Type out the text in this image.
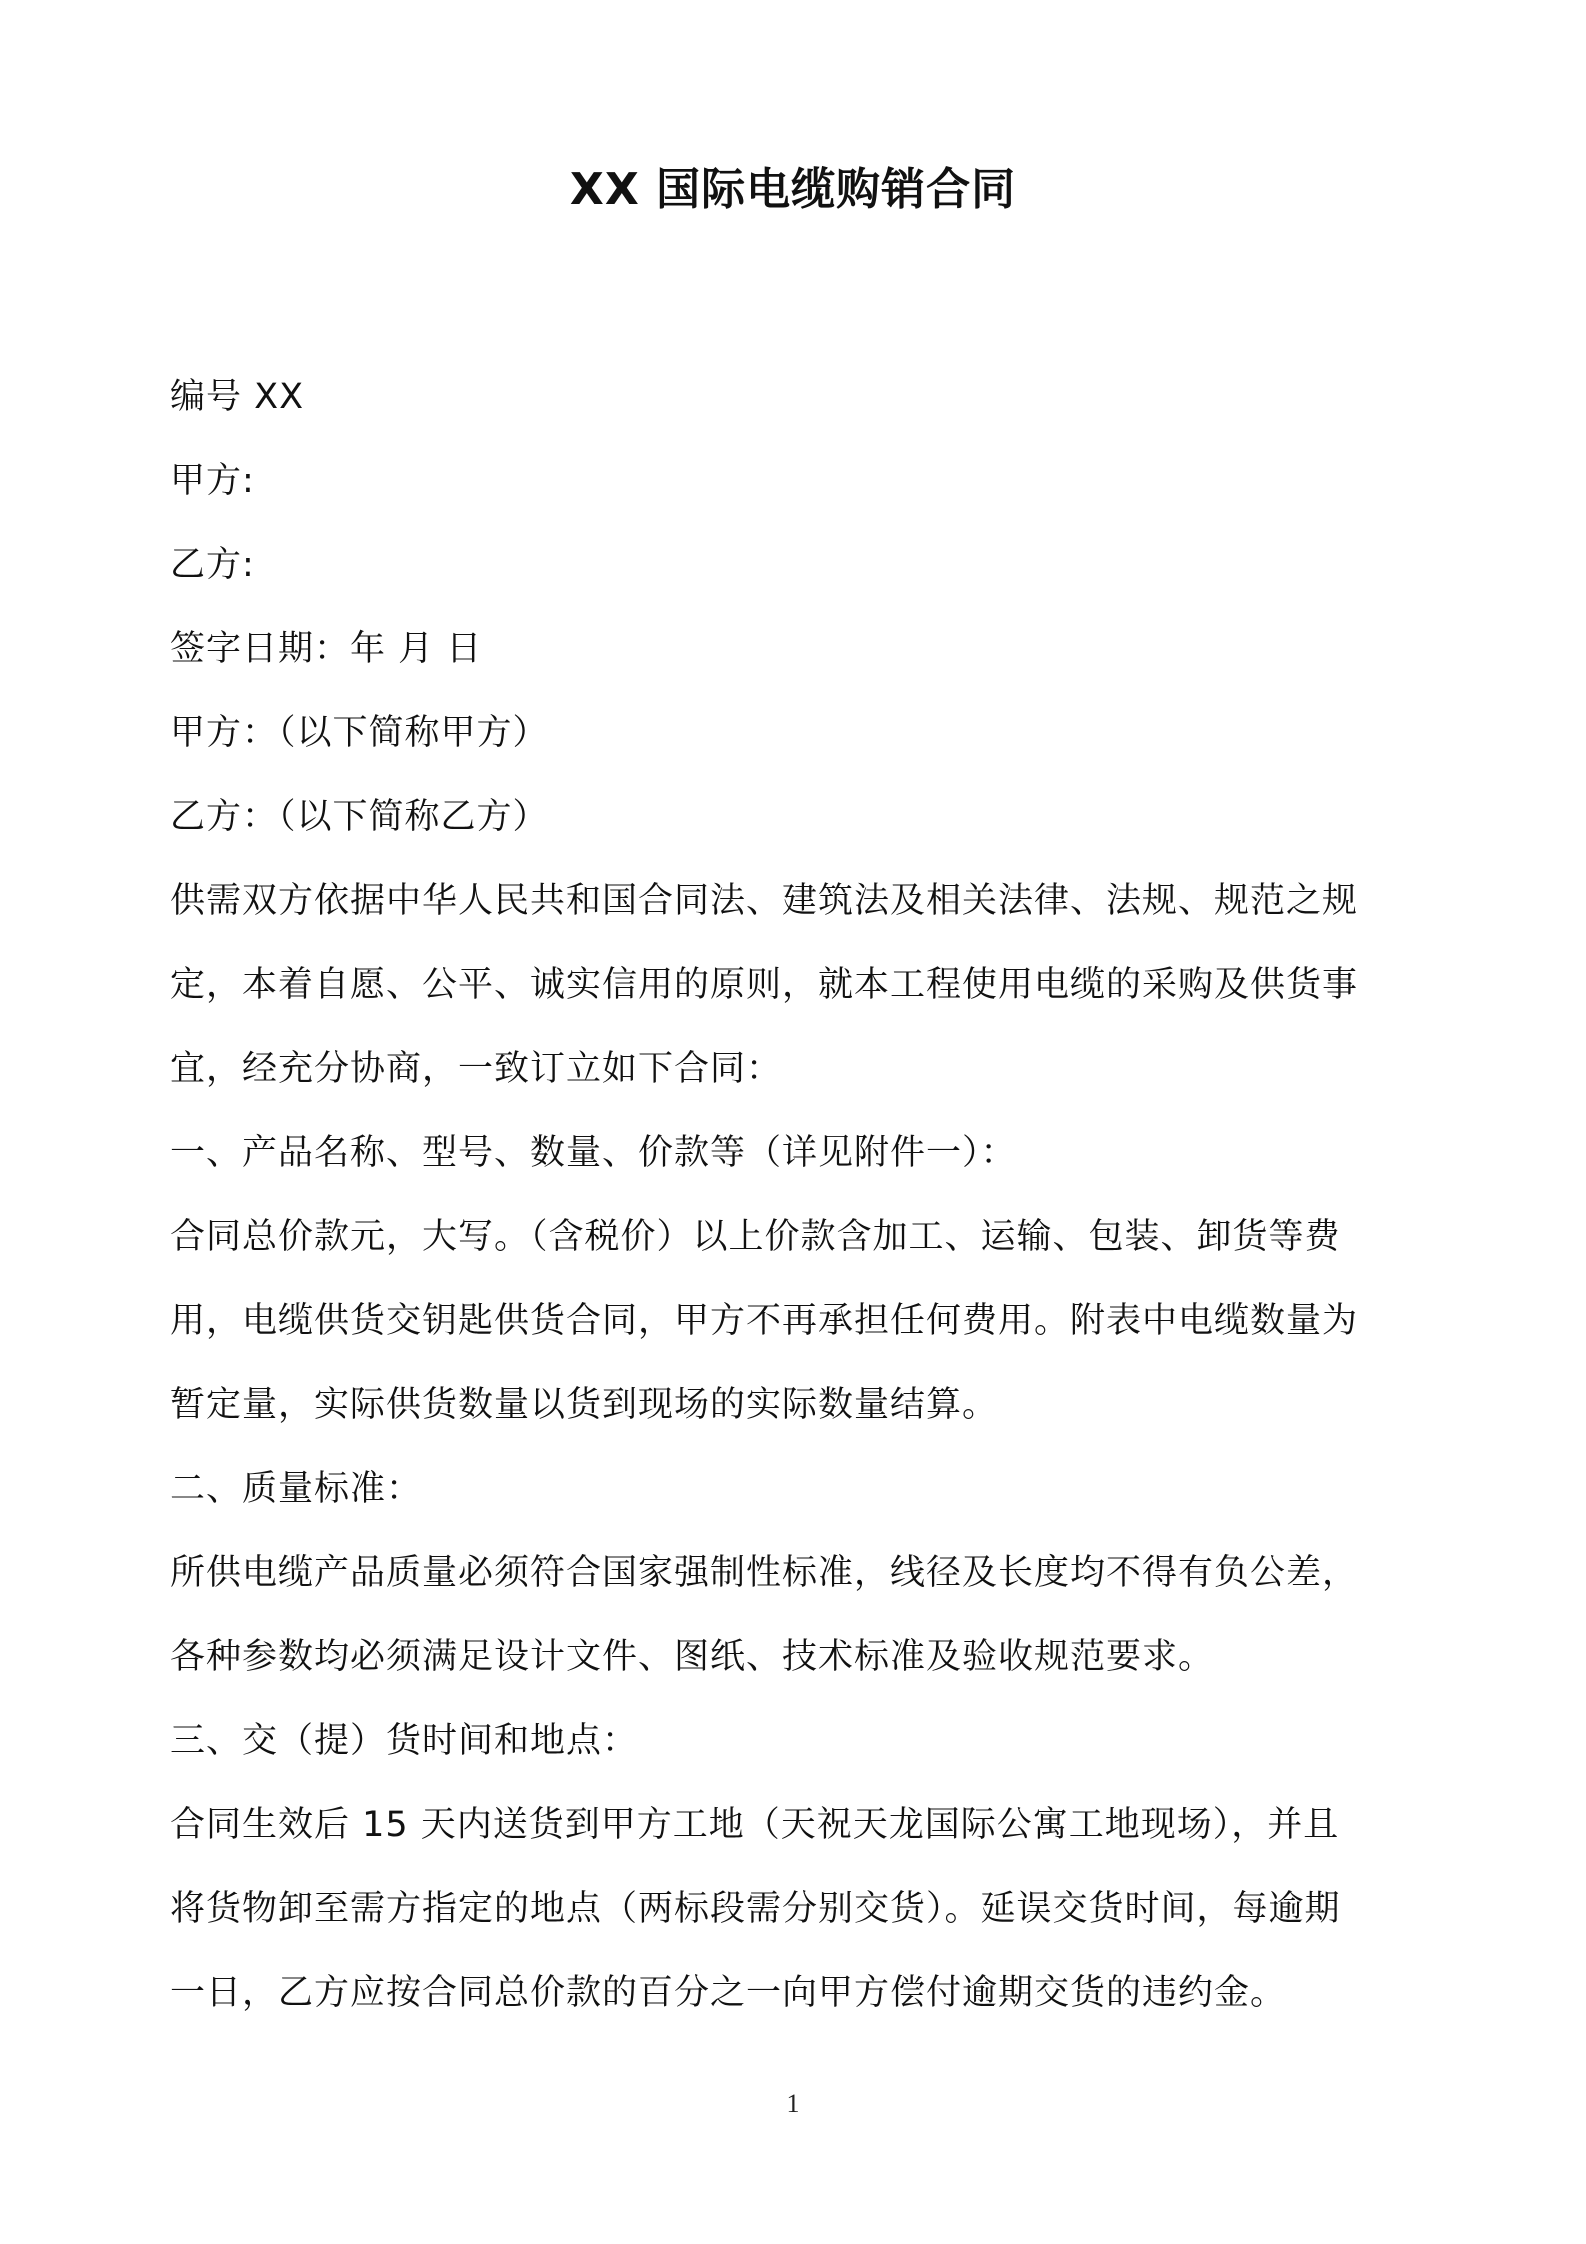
XX 国际电缆购销合同

编号 XX

甲方:

乙方:

签字日期：年 月 日

甲方：（以下简称甲方）

乙方：（以下简称乙方）

供需双方依据中华人民共和国合同法、建筑法及相关法律、法规、规范之规

定，本着自愿、公平、诚实信用的原则，就本工程使用电缆的采购及供货事

宜，经充分协商，一致订立如下合同：

一、产品名称、型号、数量、价款等（详见附件一）：

合同总价款元，大写。（含税价）以上价款含加工、运输、包装、卸货等费

用，电缆供货交钥匙供货合同，甲方不再承担任何费用。附表中电缆数量为

暂定量，实际供货数量以货到现场的实际数量结算。

二、质量标准：

所供电缆产品质量必须符合国家强制性标准，线径及长度均不得有负公差，

各种参数均必须满足设计文件、图纸、技术标准及验收规范要求。

三、交（提）货时间和地点：

合同生效后 15 天内送货到甲方工地（天祝天龙国际公寓工地现场），并且

将货物卸至需方指定的地点（两标段需分别交货）。延误交货时间，每逾期

一日，乙方应按合同总价款的百分之一向甲方偿付逾期交货的违约金。

1
